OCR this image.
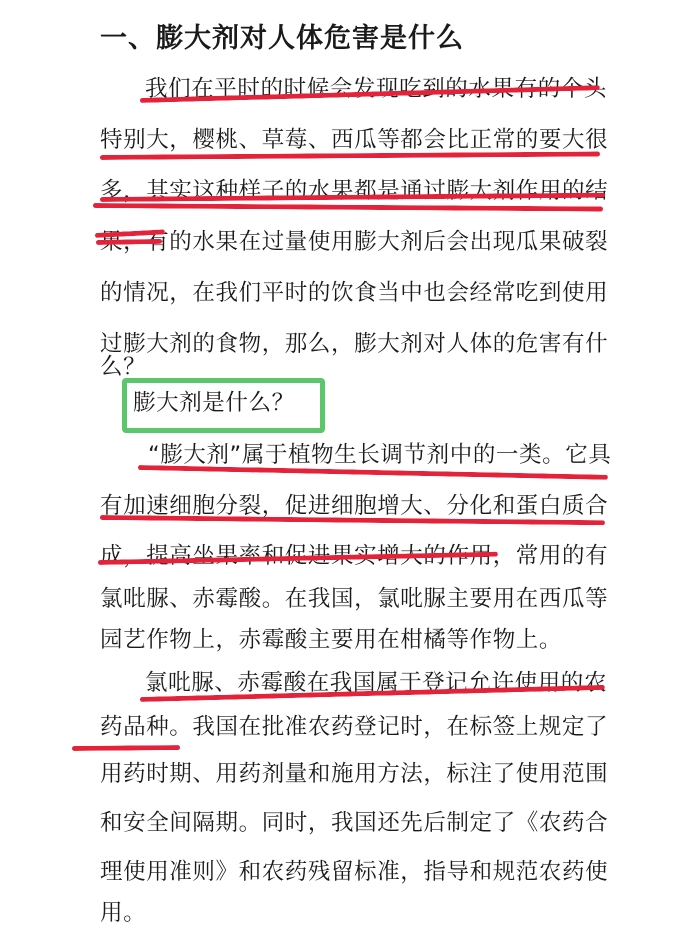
一、膨大剂对人体危害是什么
我们在平时的时候会发现吃到的水果有的个头
特别大，樱桃、草莓、西瓜等都会比正常的要大很
多，其实这种样子的水果都是通过膨大剂作用的结
果，有的水果在过量使用膨大剂后会出现瓜果破裂
的情况，在我们平时的饮食当中也会经常吃到使用
过膨大剂的食物，那么，膨大剂对人体的危害有什
么？
膨大剂是什么？
“膨大剂”属于植物生长调节剂中的一类。它具
有加速细胞分裂，促进细胞增大、分化和蛋白质合
成，提高坐果率和促进果实增大的作用，常用的有
氯吡脲、赤霉酸。在我国，氯吡脲主要用在西瓜等
园艺作物上，赤霉酸主要用在柑橘等作物上。
氯吡脲、赤霉酸在我国属于登记允许使用的农
药品种。我国在批准农药登记时，在标签上规定了
用药时期、用药剂量和施用方法，标注了使用范围
和安全间隔期。同时，我国还先后制定了《农药合
理使用准则》和农药残留标准，指导和规范农药使
用。
